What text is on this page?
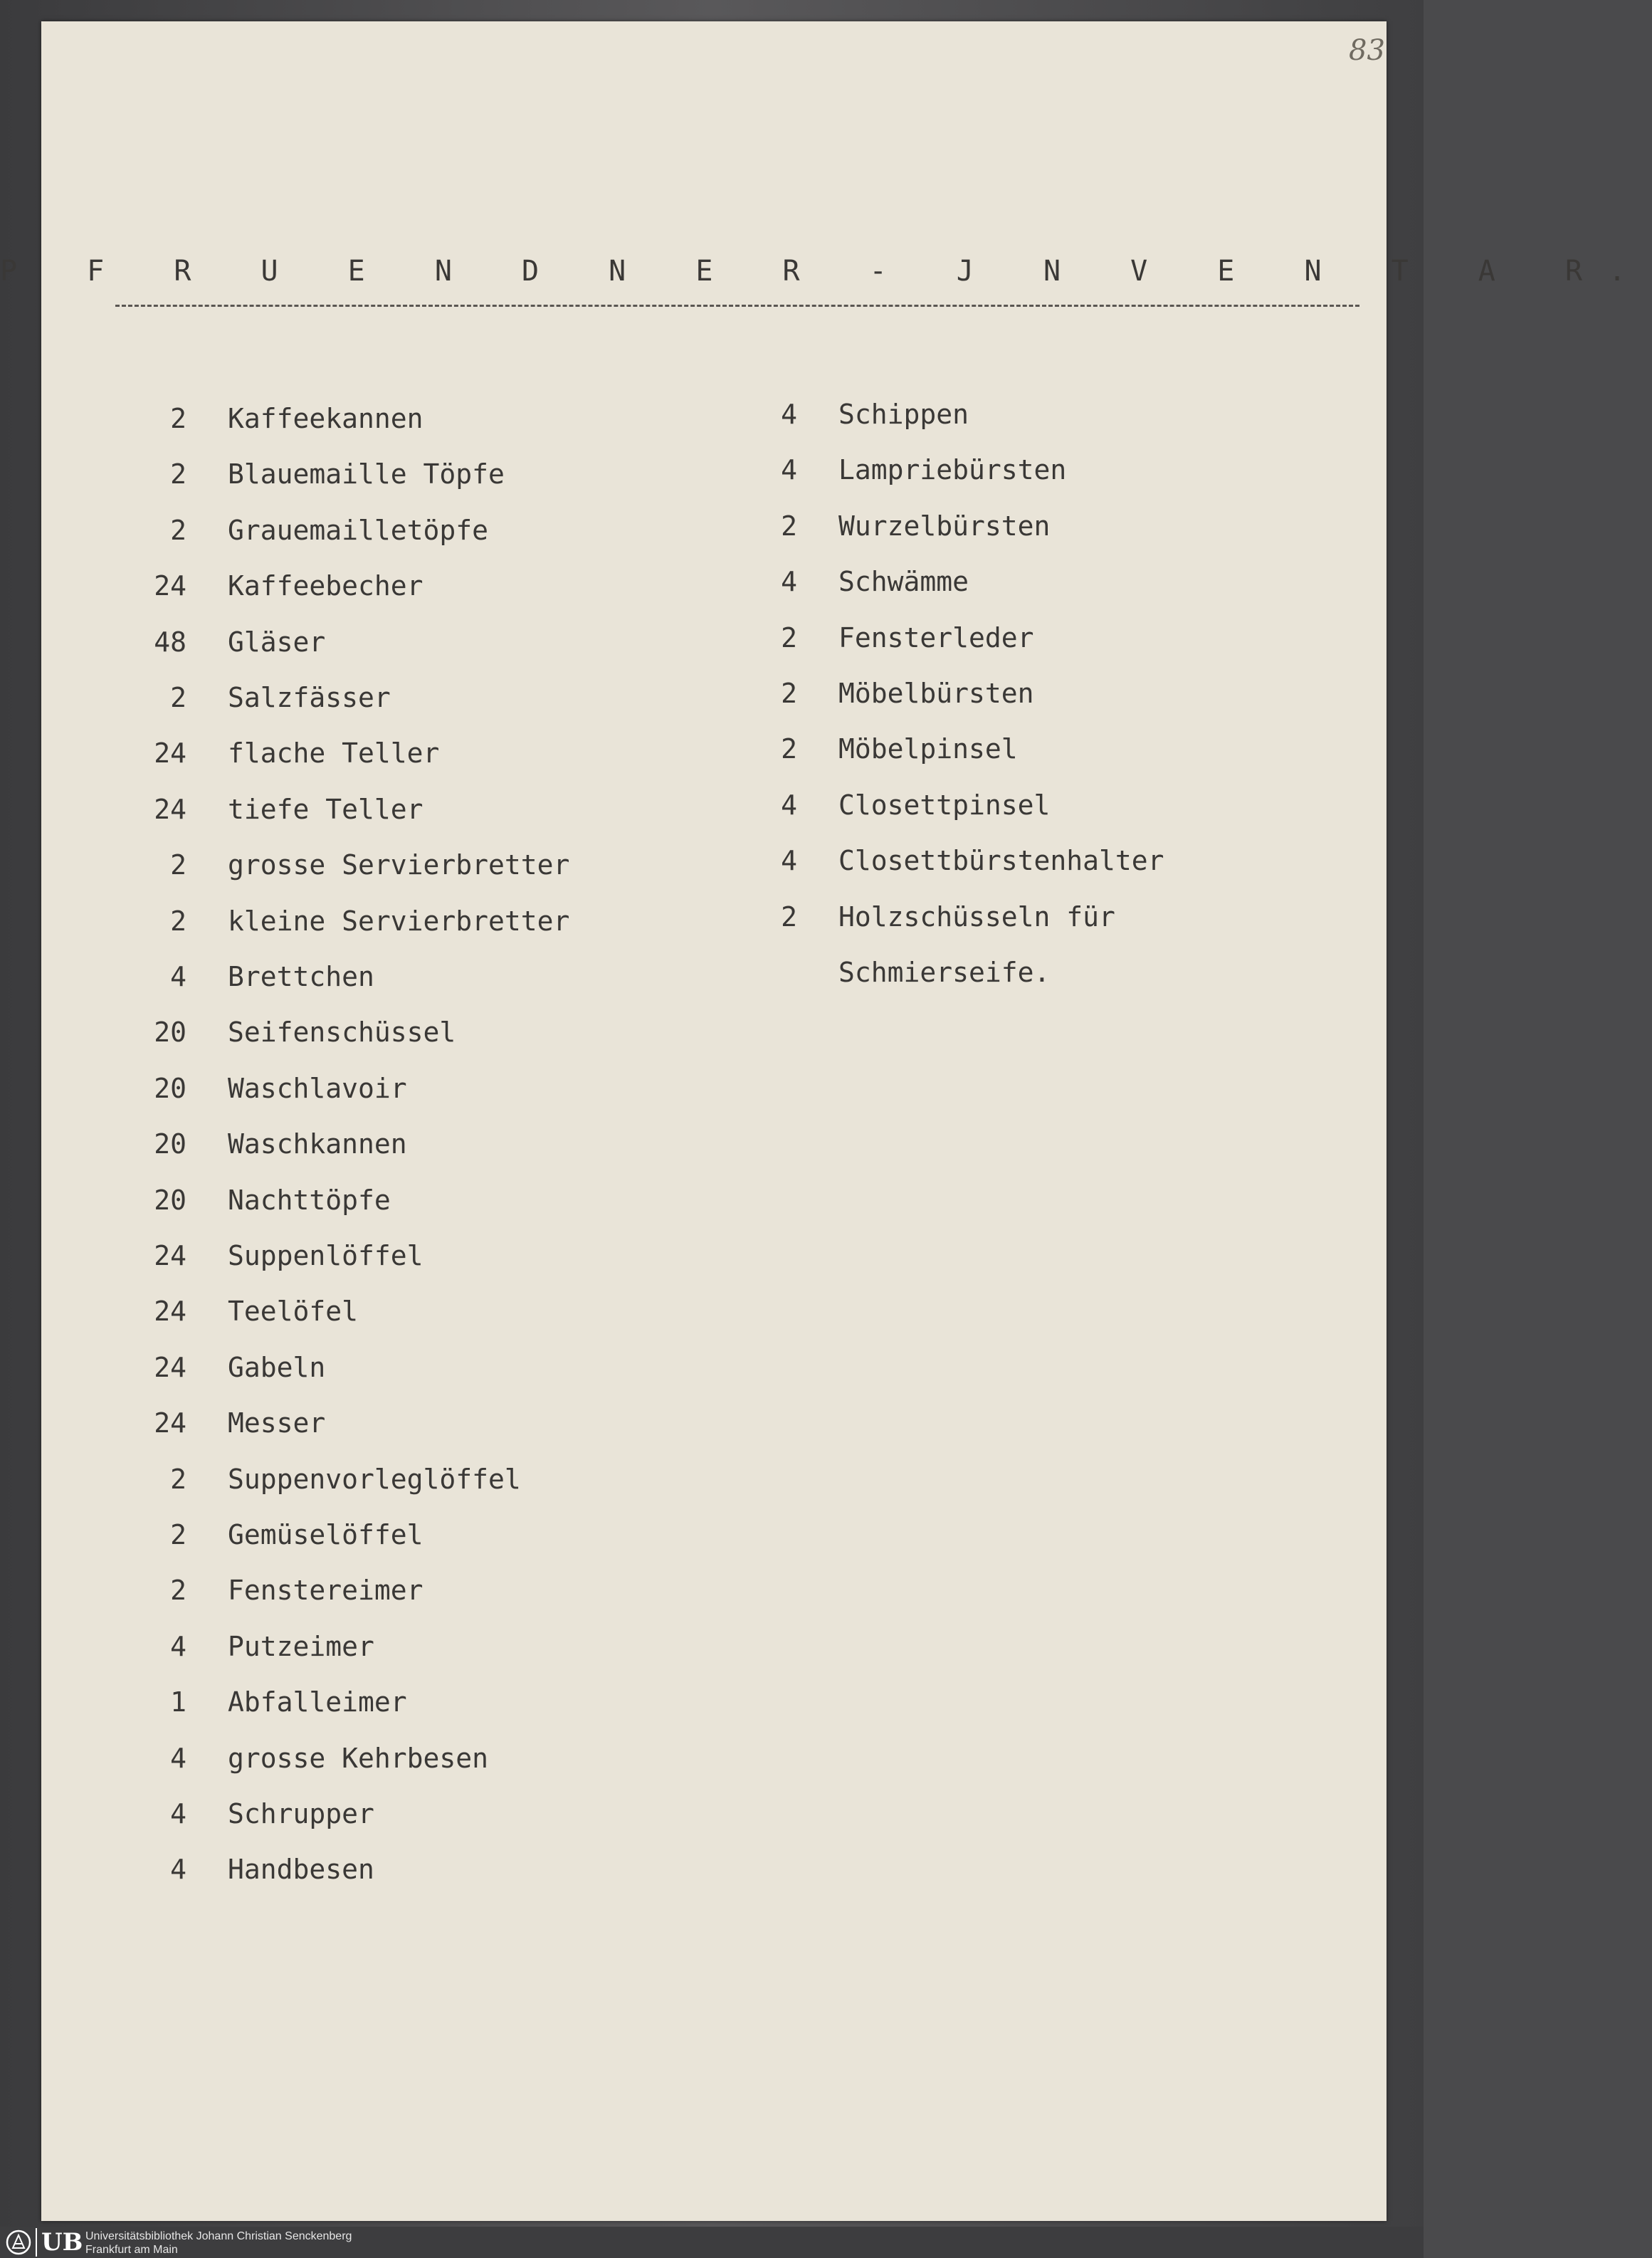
83
P F R U E N D N E R - J N V E N T A R.
2 Kaffeekannen
2 Blauemaille Töpfe
2 Grauemailletöpfe
24 Kaffeebecher
48 Gläser
2 Salzfässer
24 flache Teller
24 tiefe Teller
2 grosse Servierbretter
2 kleine Servierbretter
4 Brettchen
20 Seifenschüssel
20 Waschlavoir
20 Waschkannen
20 Nachttöpfe
24 Suppenlöffel
24 Teelöfel
24 Gabeln
24 Messer
2 Suppenvorleglöffel
2 Gemüselöffel
2 Fenstereimer
4 Putzeimer
1 Abfalleimer
4 grosse Kehrbesen
4 Schrupper
4 Handbesen
4 Schippen
4 Lampriebürsten
2 Wurzelbürsten
4 Schwämme
2 Fensterleder
2 Möbelbürsten
2 Möbelpinsel
4 Closettpinsel
4 Closettbürstenhalter
2 Holzschüsseln für
Schmierseife.
UB Universitätsbibliothek Johann Christian Senckenberg
Frankfurt am Main
